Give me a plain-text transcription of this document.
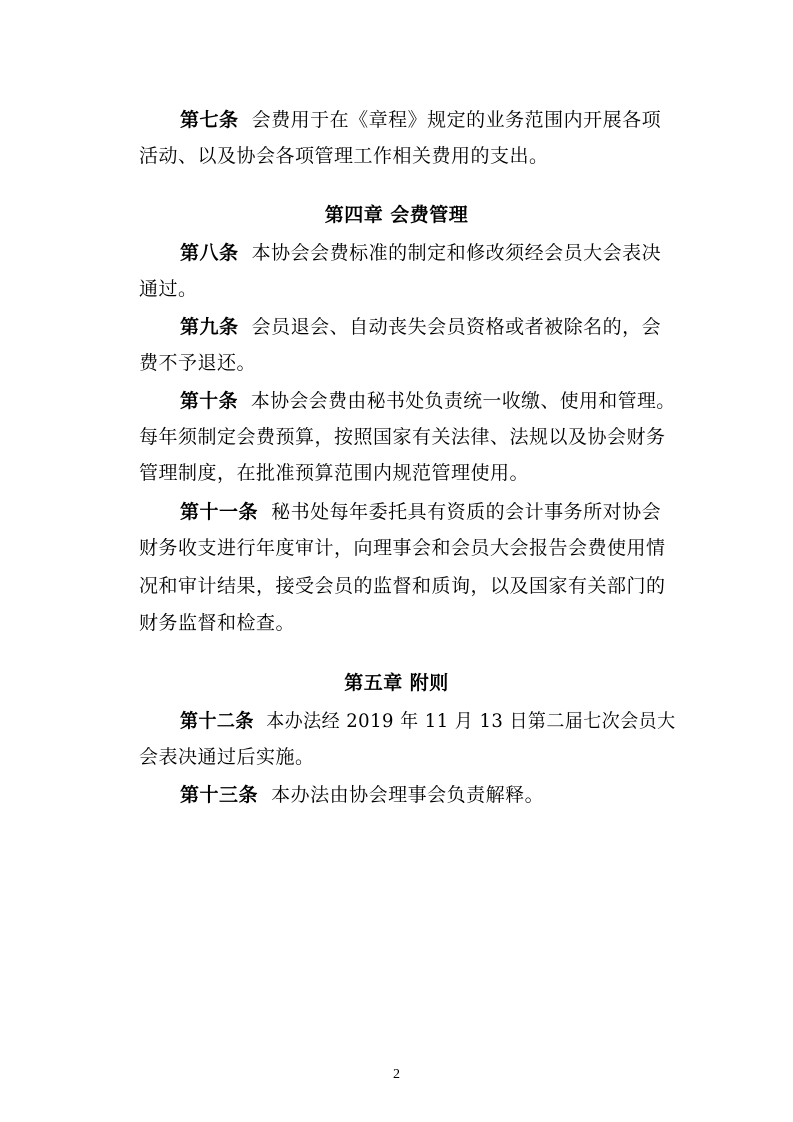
第七条 会费用于在《章程》规定的业务范围内开展各项
活动、以及协会各项管理工作相关费用的支出。
第四章 会费管理
第八条 本协会会费标准的制定和修改须经会员大会表决
通过。
第九条 会员退会、自动丧失会员资格或者被除名的，会
费不予退还。
第十条 本协会会费由秘书处负责统一收缴、使用和管理。
每年须制定会费预算，按照国家有关法律、法规以及协会财务
管理制度，在批准预算范围内规范管理使用。
第十一条 秘书处每年委托具有资质的会计事务所对协会
财务收支进行年度审计，向理事会和会员大会报告会费使用情
况和审计结果，接受会员的监督和质询，以及国家有关部门的
财务监督和检查。
第五章 附则
第十二条 本办法经 2019 年 11 月 13 日第二届七次会员大
会表决通过后实施。
第十三条 本办法由协会理事会负责解释。
2
